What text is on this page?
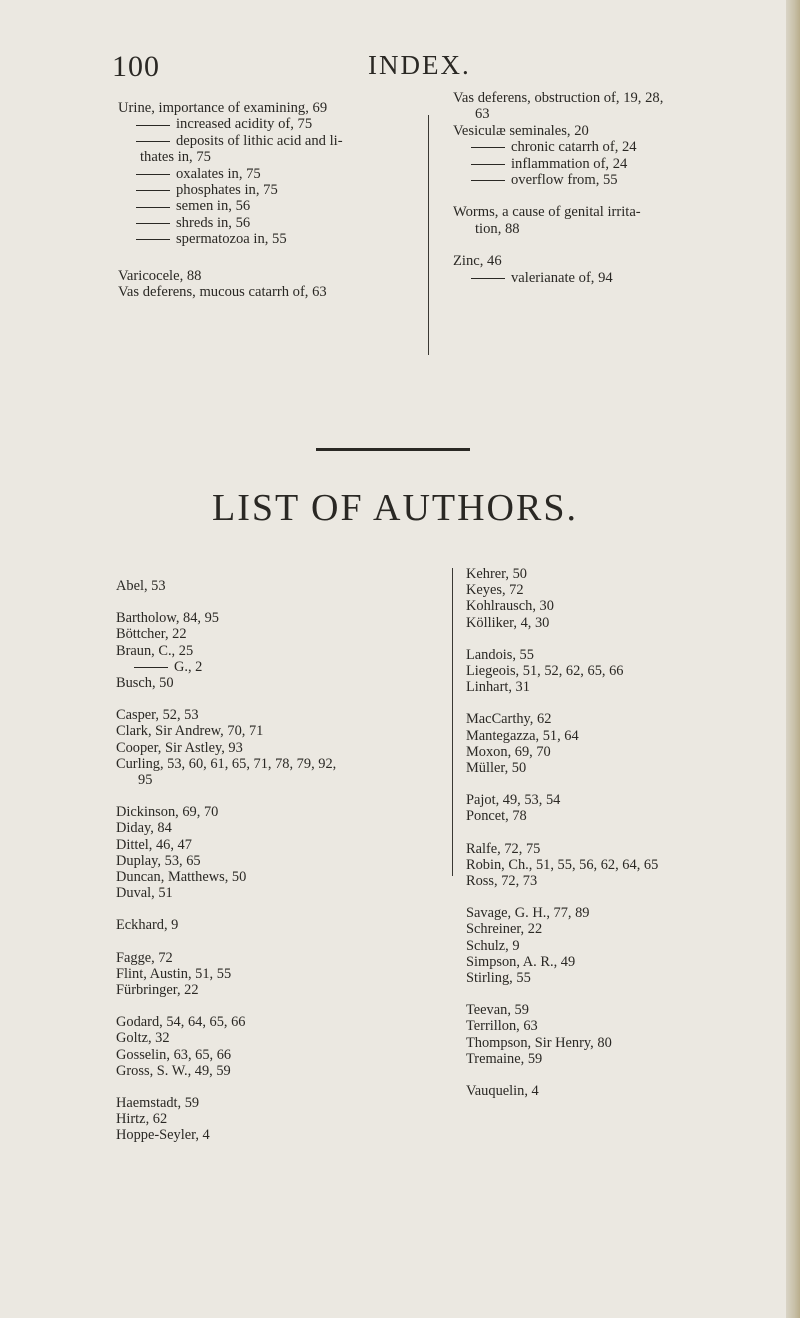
100	INDEX.
Urine, importance of examining, 69
increased acidity of, 75
deposits of lithic acid and li-
thates in, 75
oxalates in, 75
phosphates in, 75
semen in, 56
shreds in, 56
spermatozoa in, 55
Varicocele, 88
Vas deferens, mucous catarrh of, 63
Vas deferens, obstruction of, 19, 28,
63
Vesiculæ seminales, 20
chronic catarrh of, 24
inflammation of, 24
overflow from, 55
Worms, a cause of genital irrita-
tion, 88
Zinc, 46
valerianate of, 94
LIST OF AUTHORS.
Abel, 53
Bartholow, 84, 95
Böttcher, 22
Braun, C., 25
G., 2
Busch, 50
Casper, 52, 53
Clark, Sir Andrew, 70, 71
Cooper, Sir Astley, 93
Curling, 53, 60, 61, 65, 71, 78, 79, 92,
95
Dickinson, 69, 70
Diday, 84
Dittel, 46, 47
Duplay, 53, 65
Duncan, Matthews, 50
Duval, 51
Eckhard, 9
Fagge, 72
Flint, Austin, 51, 55
Fürbringer, 22
Godard, 54, 64, 65, 66
Goltz, 32
Gosselin, 63, 65, 66
Gross, S. W., 49, 59
Haemstadt, 59
Hirtz, 62
Hoppe-Seyler, 4
Kehrer, 50
Keyes, 72
Kohlrausch, 30
Kölliker, 4, 30
Landois, 55
Liegeois, 51, 52, 62, 65, 66
Linhart, 31
MacCarthy, 62
Mantegazza, 51, 64
Moxon, 69, 70
Müller, 50
Pajot, 49, 53, 54
Poncet, 78
Ralfe, 72, 75
Robin, Ch., 51, 55, 56, 62, 64, 65
Ross, 72, 73
Savage, G. H., 77, 89
Schreiner, 22
Schulz, 9
Simpson, A. R., 49
Stirling, 55
Teevan, 59
Terrillon, 63
Thompson, Sir Henry, 80
Tremaine, 59
Vauquelin, 4
